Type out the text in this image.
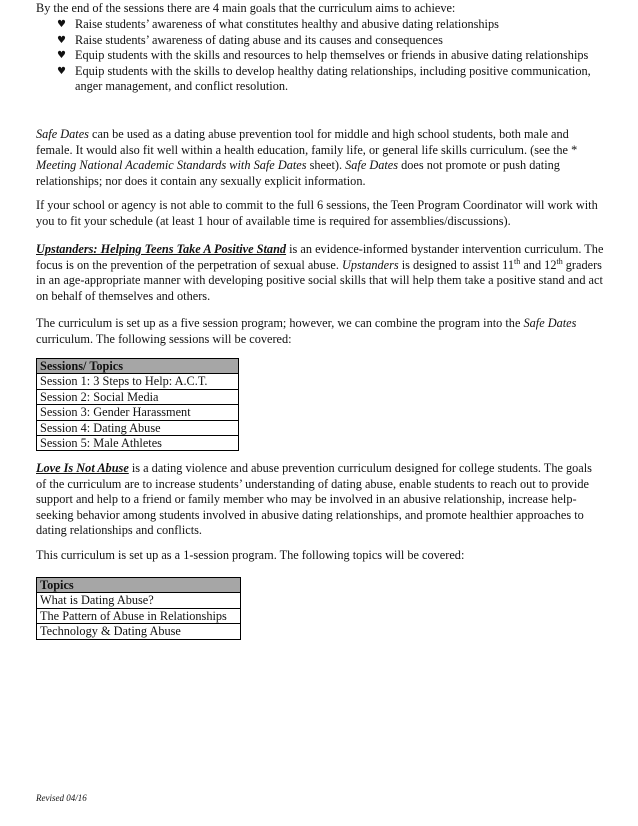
By the end of the sessions there are 4 main goals that the curriculum aims to achieve:

♥ Raise students’ awareness of what constitutes healthy and abusive dating relationships
♥ Raise students’ awareness of dating abuse and its causes and consequences
♥ Equip students with the skills and resources to help themselves or friends in abusive dating relationships
♥ Equip students with the skills to develop healthy dating relationships, including positive communication, anger management, and conflict resolution.

Safe Dates can be used as a dating abuse prevention tool for middle and high school students, both male and female. It would also fit well within a health education, family life, or general life skills curriculum. (see the * Meeting National Academic Standards with Safe Dates sheet). Safe Dates does not promote or push dating relationships; nor does it contain any sexually explicit information.

If your school or agency is not able to commit to the full 6 sessions, the Teen Program Coordinator will work with you to fit your schedule (at least 1 hour of available time is required for assemblies/discussions).

Upstanders: Helping Teens Take A Positive Stand is an evidence-informed bystander intervention curriculum. The focus is on the prevention of the perpetration of sexual abuse. Upstanders is designed to assist 11th and 12th graders in an age-appropriate manner with developing positive social skills that will help them take a positive stand and act on behalf of themselves and others.

The curriculum is set up as a five session program; however, we can combine the program into the Safe Dates curriculum. The following sessions will be covered:

Sessions/ Topics
Session 1: 3 Steps to Help: A.C.T.
Session 2: Social Media
Session 3: Gender Harassment
Session 4: Dating Abuse
Session 5: Male Athletes

Love Is Not Abuse is a dating violence and abuse prevention curriculum designed for college students. The goals of the curriculum are to increase students’ understanding of dating abuse, enable students to reach out to provide support and help to a friend or family member who may be involved in an abusive relationship, increase help-seeking behavior among students involved in abusive dating relationships, and promote healthier approaches to dating relationships and conflicts.

This curriculum is set up as a 1-session program. The following topics will be covered:

Topics
What is Dating Abuse?
The Pattern of Abuse in Relationships
Technology & Dating Abuse
Revised 04/16
